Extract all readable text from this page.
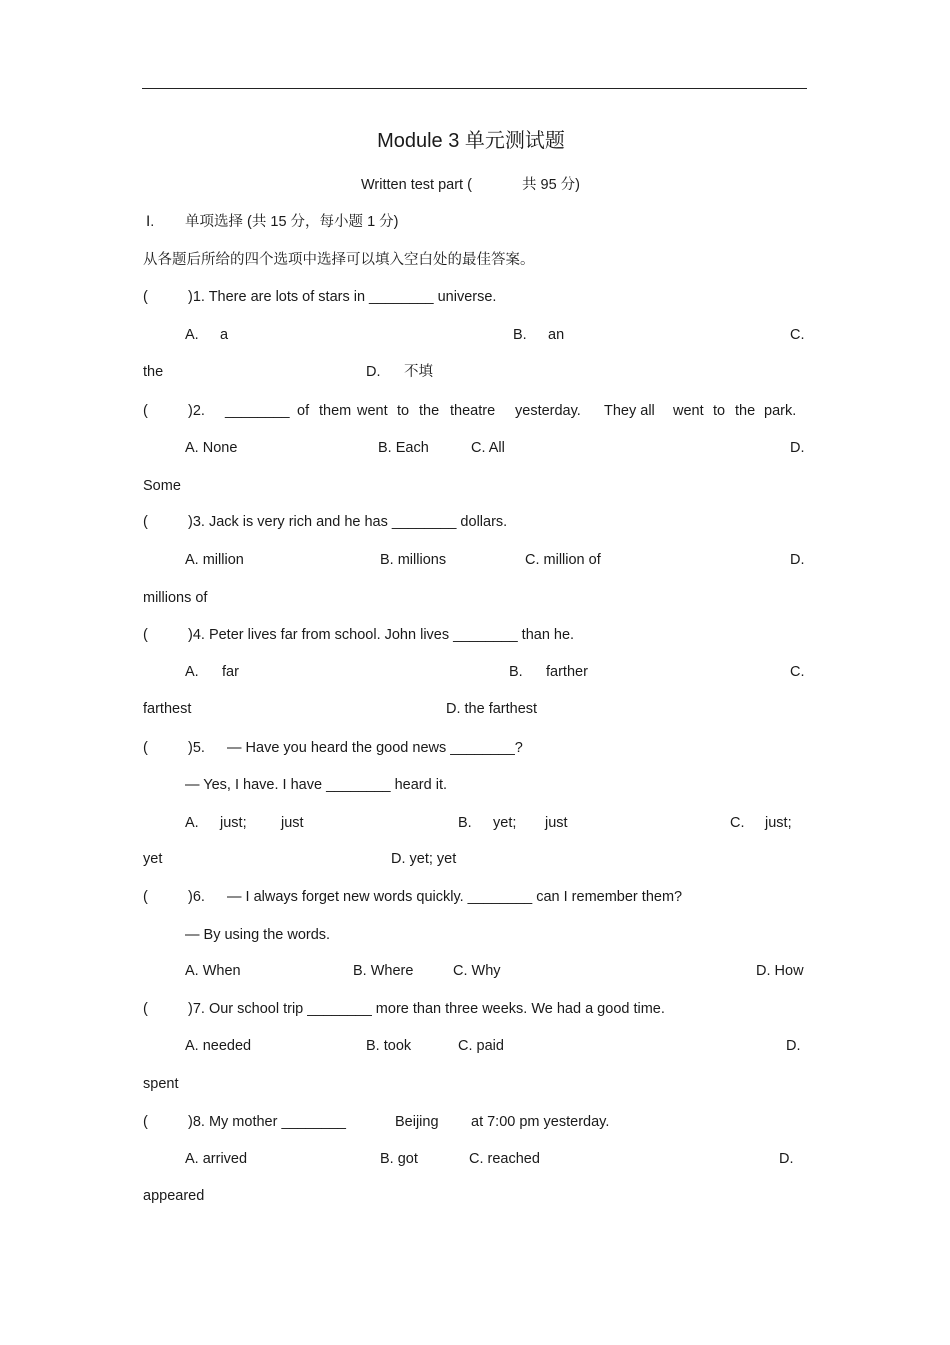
Module 3 单元测试题
Written test part (	共 95 分)
Ⅰ. 单项选择 (共 15 分，每小题 1 分)
从各题后所给的四个选项中选择可以填入空白处的最佳答案。
(	)1. There are lots of stars in ________ universe.
A. a	B. an	C.
the	D. 不填
(	)2. ________ of them went to the theatre yesterday. They all went to the park.
A. None	B. Each	C. All	D.
Some
(	)3. Jack is very rich and he has ________ dollars.
A. million	B. millions	C. million of	D.
millions of
(	)4. Peter lives far from school. John lives ________ than he.
A. far	B. farther	C.
farthest	D. the farthest
(	)5. — Have you heard the good news ________?
— Yes, I have. I have ________ heard it.
A. just; just	B. yet; just	C. just;
yet	D. yet; yet
(	)6. — I always forget new words quickly. ________ can I remember them?
— By using the words.
A. When	B. Where	C. Why	D. How
(	)7. Our school trip ________ more than three weeks. We had a good time.
A. needed	B. took	C. paid	D.
spent
(	)8. My mother ________	Beijing at 7:00 pm yesterday.
A. arrived	B. got	C. reached	D.
appeared
